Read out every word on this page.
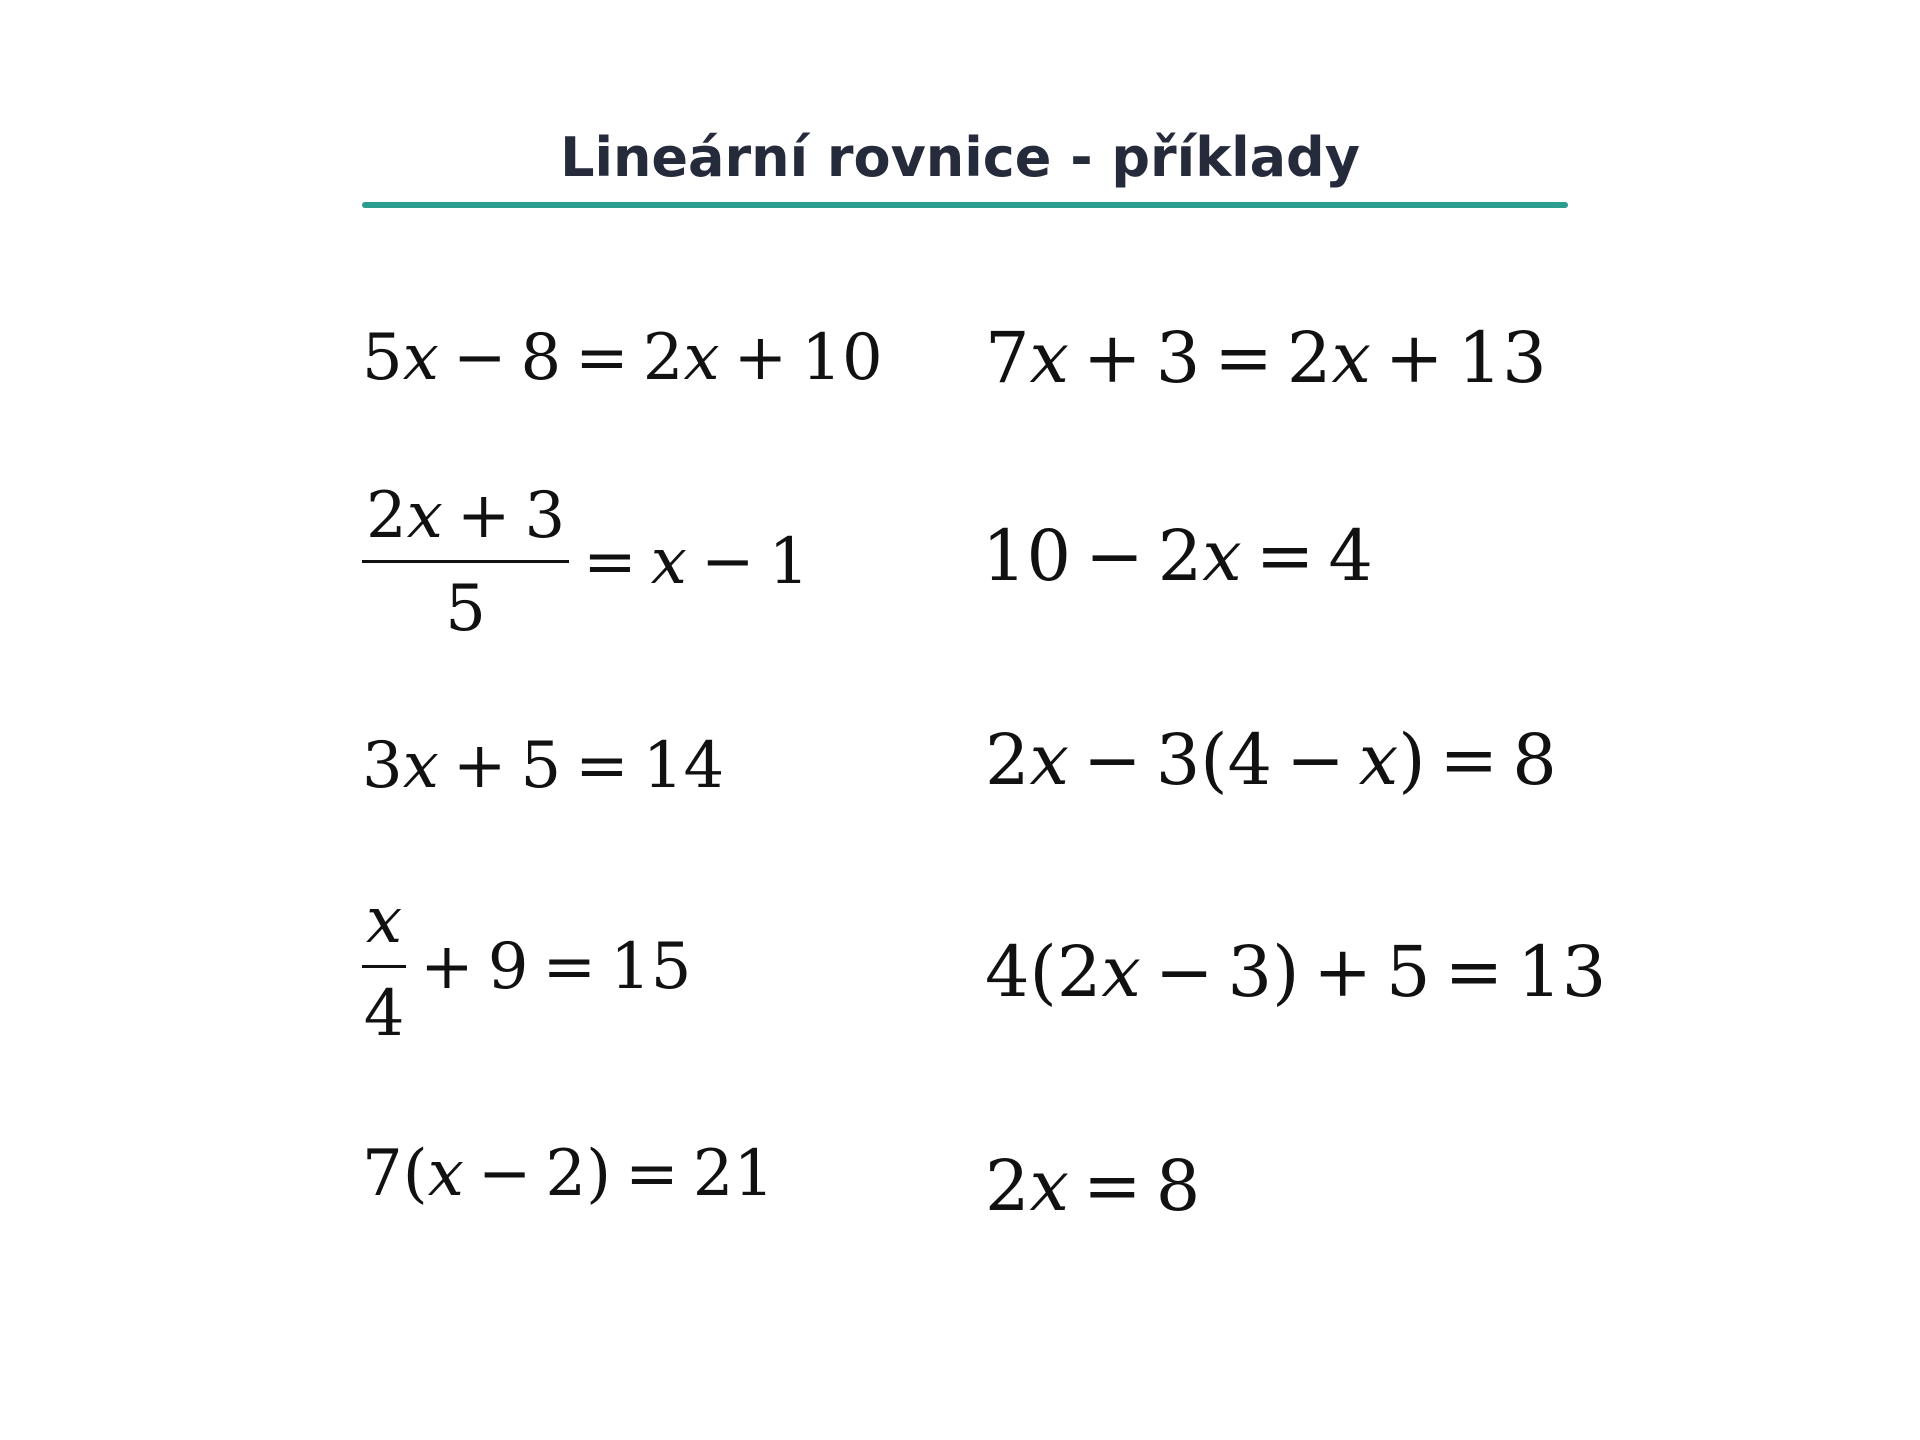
Lineární rovnice - příklady
5 x − 8 = 2 x + 10
$\frac{2x + 3}{5} = x - 1$
3 x + 5 = 14
$\frac{x}{4} + 9 = 15$
7( x − 2) = 21
7 x + 3 = 2 x + 13
10 − 2 x = 4
2 x − 3(4 − x ) = 8
4(2 x − 3) + 5 = 13
2 x = 8
